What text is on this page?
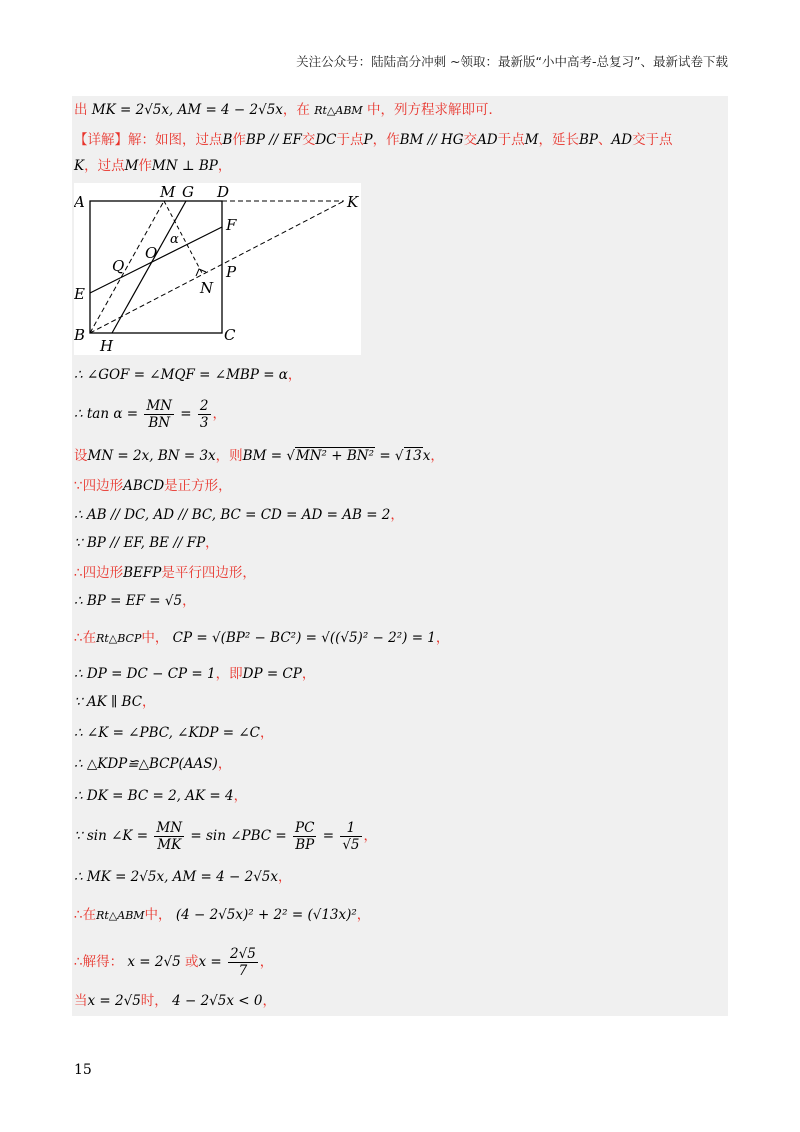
关注公众号：陆陆高分冲刺 ~领取：最新版“小中高考-总复习”、最新试卷下载
出 MK = 2√5x, AM = 4 − 2√5x，在 Rt△ABM 中，列方程求解即可．
【详解】解：如图，过点B作BP // EF交DC于点P，作BM // HG交AD于点M，延长BP、AD交于点
K，过点M作MN ⊥ BP，
A
M G D
K
F
α
O
Q	P
N
E
B
H
C
∴ ∠GOF = ∠MQF = ∠MBP = α，
∴ $\tan \alpha = \frac{MN}{BN} = \frac{2}{3}$ ，
设MN = 2x, BN = 3x，则BM = √MN² + BN² = √13x，
∵四边形ABCD是正方形，
∴ AB // DC, AD // BC, BC = CD = AD = AB = 2，
∵ BP // EF, BE // FP，
∴四边形BEFP是平行四边形，
∴ BP = EF = √5，
∴在Rt△BCP中， CP = √(BP² − BC²) = √((√5)² − 2²) = 1，
∴ DP = DC − CP = 1，即DP = CP，
∵ AK ∥ BC，
∴ ∠K = ∠PBC, ∠KDP = ∠C，
∴ △KDP≌△BCP(AAS)，
∴ DK = BC = 2, AK = 4，
∵ sin ∠K = $\frac{MN}{MK} = \sin$ ∠PBC = $\frac{PC}{BP} = \frac{1}{√5}$ ，
∴ MK = 2√5x, AM = 4 − 2√5x，
∴在Rt△ABM中， (4 − 2√5x)² + 2² = (√13x)²，
∴解得： x = 2√5 或$x = \frac{2√5}{7}$ ，
当x = 2√5时， 4 − 2√5x < 0，
15
